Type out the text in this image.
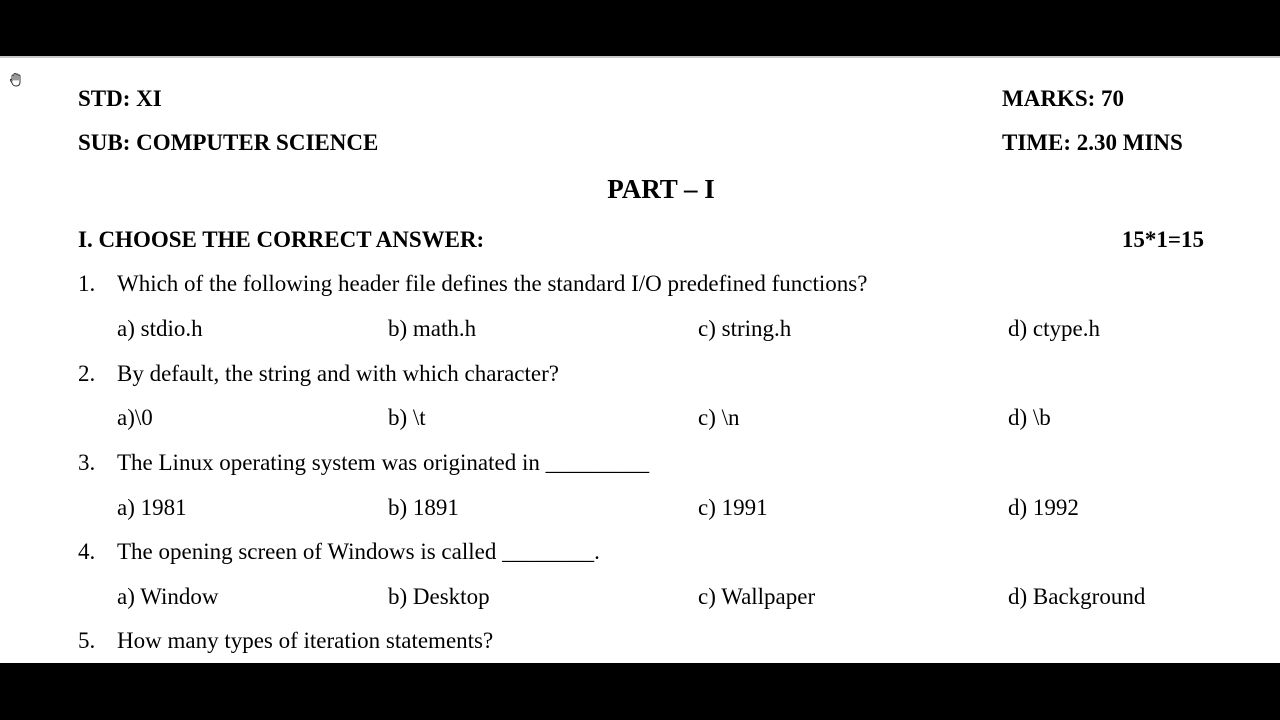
STD: XI	MARKS: 70
SUB: COMPUTER SCIENCE	TIME: 2.30 MINS
PART – I
I. CHOOSE THE CORRECT ANSWER:	15*1=15
1. Which of the following header file defines the standard I/O predefined functions?
a) stdio.h	b) math.h	c) string.h	d) ctype.h
2. By default, the string and with which character?
a)\0	b) \t	c) \n	d) \b
3. The Linux operating system was originated in _________
a) 1981	b) 1891	c) 1991	d) 1992
4. The opening screen of Windows is called ________.
a) Window	b) Desktop	c) Wallpaper	d) Background
5. How many types of iteration statements?
